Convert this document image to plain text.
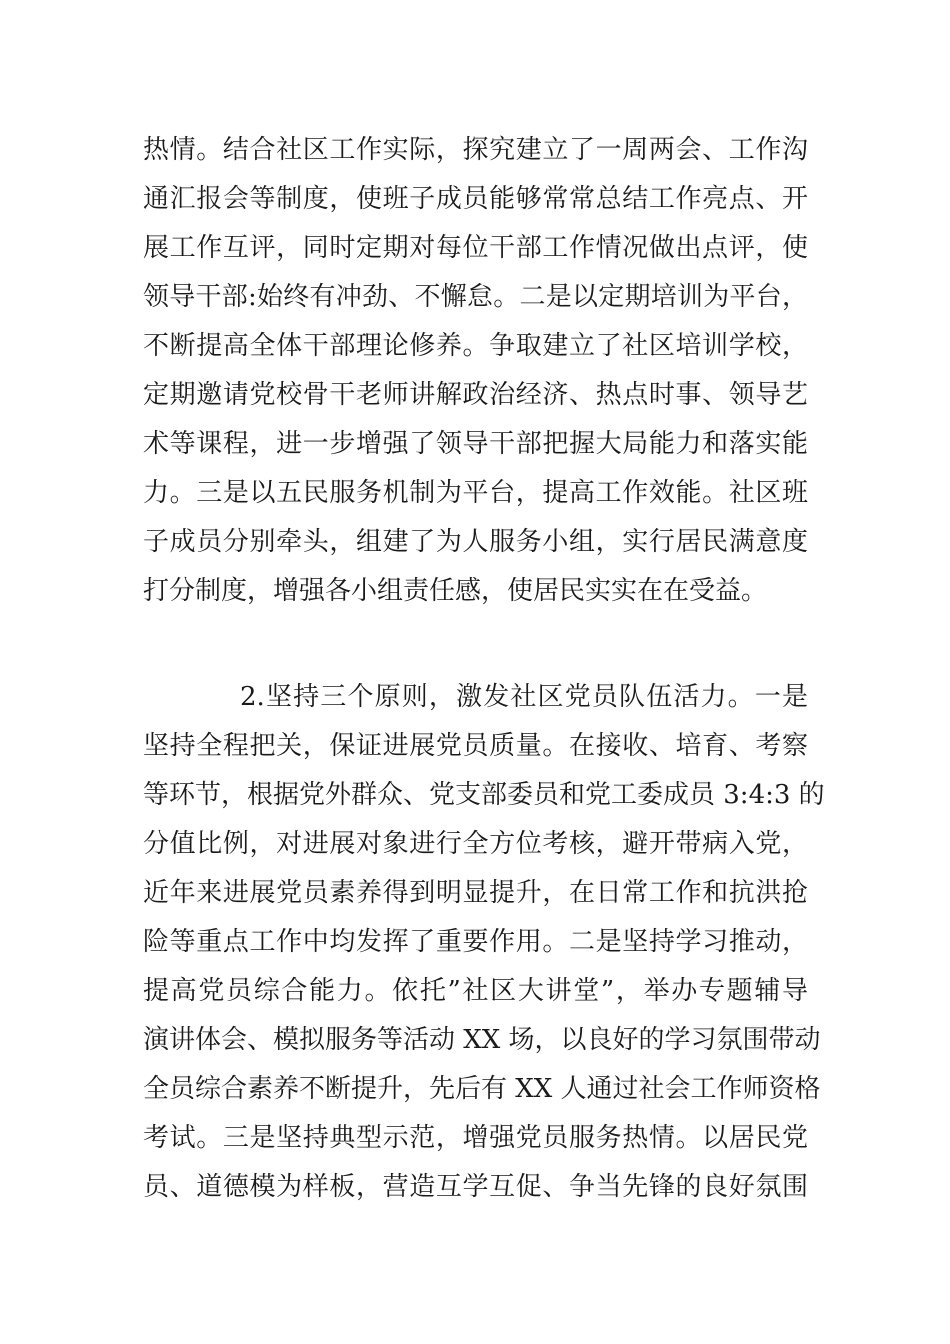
热情。结合社区工作实际，探究建立了一周两会、工作沟
通汇报会等制度，使班子成员能够常常总结工作亮点、开
展工作互评，同时定期对每位干部工作情况做出点评，使
领导干部:始终有冲劲、不懈怠。二是以定期培训为平台，
不断提高全体干部理论修养。争取建立了社区培训学校，
定期邀请党校骨干老师讲解政治经济、热点时事、领导艺
术等课程，进一步增强了领导干部把握大局能力和落实能
力。三是以五民服务机制为平台，提高工作效能。社区班
子成员分别牵头，组建了为人服务小组，实行居民满意度
打分制度，增强各小组责任感，使居民实实在在受益。
2.坚持三个原则，激发社区党员队伍活力。一是
坚持全程把关，保证进展党员质量。在接收、培育、考察
等环节，根据党外群众、党支部委员和党工委成员 3:4:3 的
分值比例，对进展对象进行全方位考核，避开带病入党，
近年来进展党员素养得到明显提升，在日常工作和抗洪抢
险等重点工作中均发挥了重要作用。二是坚持学习推动，
提高党员综合能力。依托”社区大讲堂”，举办专题辅导
演讲体会、模拟服务等活动 XX 场，以良好的学习氛围带动
全员综合素养不断提升，先后有 XX 人通过社会工作师资格
考试。三是坚持典型示范，增强党员服务热情。以居民党
员、道德模为样板，营造互学互促、争当先锋的良好氛围
